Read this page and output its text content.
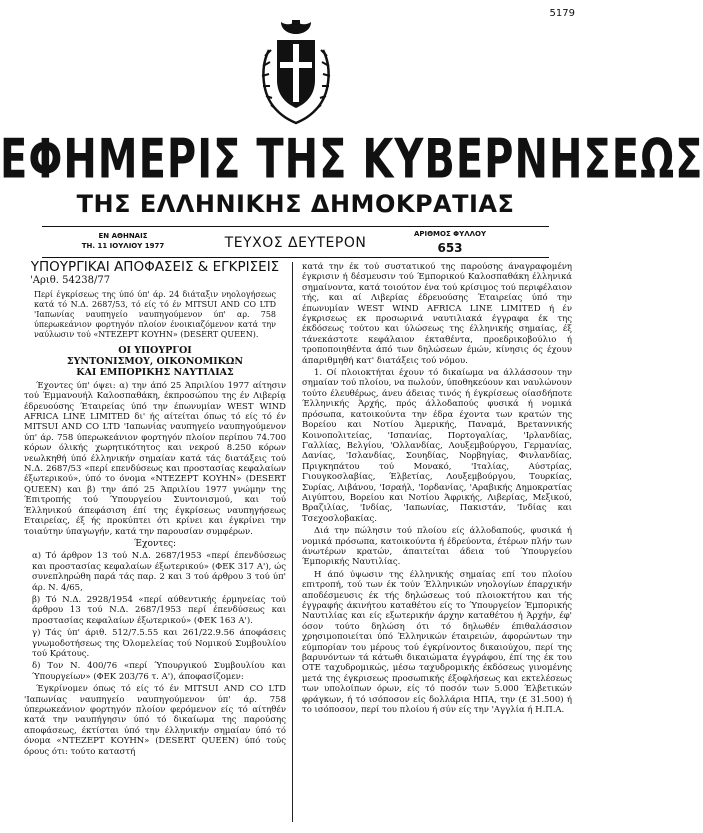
5179
ΕΦΗΜΕΡΙΣ ΤΗΣ ΚΥΒΕΡΝΗΣΕΩΣ
ΤΗΣ ΕΛΛΗΝΙΚΗΣ ΔΗΜΟΚΡΑΤΙΑΣ
ΕΝ ΑΘΗΝΑΙΣ
ΤΗ. 11 ΙΟΥΛΙΟΥ 1977	ΤΕΥΧΟΣ ΔΕΥΤΕΡΟΝ
ΑΡΙΘΜΟΣ ΦΥΛΛΟΥ
653
ΥΠΟΥΡΓΙΚΑΙ ΑΠΟΦΑΣΕΙΣ & ΕΓΚΡΙΣΕΙΣ
'Αριθ. 54238/77
Περί έγκρίσεως της ύπό ύπ' άρ. 24 διάταξιν νηολογήσεως κατά τό Ν.Δ. 2687/53, τό είς τό έν MITSUI AND CO LTD 'Ιαπωνίας ναυπηγείο ναυπηγούμενον ύπ' αρ. 758 ύπερωκεάνιον φορτηγόν πλοίον ένοικιαζόμενον κατά την ναύλωσιν τού «ΝΤΕΖΕΡΤ ΚΟΥΗΝ» (DESERT QUEEN).
ΟΙ ΥΠΟΥΡΓΟΙ
ΣΥΝΤΟΝΙΣΜΟΥ, ΟΙΚΟΝΟΜΙΚΩΝ
ΚΑΙ ΕΜΠΟΡΙΚΗΣ ΝΑΥΤΙΛΙΑΣ

Έχοντες ύπ' όψει: α) την άπό 25 Άπριλίου 1977 αίτησιν τού Έμμανουήλ Καλοσπαθάκη, έκπροσώπου της έν Λιβερίᾳ έδρευούσης Έταιρείας ύπό την έπωνυμίαν WEST WIND AFRICA LINE LIMITED δι' ής αίτείται όπως τό είς τό έν MITSUI AND CO LTD 'Ιαπωνίας ναυπηγείο ναυπηγούμενον ύπ' άρ. 758 ύπερωκεάνιον φορτηγόν πλοίον περίπου 74.700 κόρων όλικής χωρητικότητος και νεκρού 8.250 κόρων νεωλκηθή ύπό έλληνικήν σημαίαν κατά τάς διατάξεις τού Ν.Δ. 2687/53 «περί επενδύσεως και προστασίας κεφαλαίων έξωτερικού», ύπό το όνομα «ΝΤΕΖΕΡΤ ΚΟΥΗΝ» (DESERT QUEEN) και β) την άπό 25 Άπριλίου 1977 γνώμην της Έπιτροπής τού Ύπουργείου Συντονισμού, και τού Έλληνικού άπεφάσιση έπί της έγκρίσεως ναυπηγήσεως Εταιρείας, έξ ής προκύπτει ότι κρίνει και έγκρίνει την τοιαύτην ύπαγωγήν, κατά την παρουσίαν συμφέρων.

Έχοντες:

α) Τό άρθρον 13 τού Ν.Δ. 2687/1953 «περί έπενδύσεως και προστασίας κεφαλαίων έξωτερικού» (ΦΕΚ 317 Α'), ώς συνεπληρώθη παρά τάς παρ. 2 και 3 τού άρθρου 3 τού ύπ' άρ. Ν. 4/65,

β) Τό Ν.Δ. 2928/1954 «περί αύθεντικής έρμηνείας τού άρθρου 13 τού Ν.Δ. 2687/1953 περί έπενδύσεως και προστασίας κεφαλαίων έξωτερικού» (ΦΕΚ 163 Α').

γ) Τάς ύπ' άριθ. 512/7.5.55 και 261/22.9.56 άποφάσεις γνωμοδοτήσεως της Όλομελείας τού Νομικού Συμβουλίου τού Κράτους.

δ) Τον Ν. 400/76 «περί Ύπουργικού Συμβουλίου και Ύπουργείων» (ΦΕΚ 203/76 τ. Α'), άποφασίζομεν:

Έγκρίνομεν όπως τό είς τό έν MITSUI AND CO LTD 'Ιαπωνίας ναυπηγείο ναυπηγούμενον ύπ' άρ. 758 ύπερωκεάνιον φορτηγόν πλοίον φερόμενον είς τό αίτηθέν κατά την ναυπήγησιν ύπό τό δικαίωμα της παρούσης αποφάσεως, έκτίσται ύπό την έλληνικήν σημαίαν ύπό τό όνομα «ΝΤΕΖΕΡΤ ΚΟΥΗΝ» (DESERT QUEEN) ύπό τούς όρους ότι: τούτο καταστή

κατά την έκ τού συστατικού της παρούσης άναγραφομένη έγκρισιν ή δέσμευσιν τού Έμπορικού Καλοσπαθάκη έλληνικά σημαίνοντα, κατά τοιούτον ένα τού κρίσιμος τού περιφέλαιον τής, και αί Λιβερίας έδρευούσης Έταιρείας ύπό την έπωνυμίαν WEST WIND AFRICA LINE LIMITED ή έν έγκρισεως εκ προσωρινά ναυτιλιακά έγγραφα έκ της έκδόσεως τούτου και ύλώσεως της έλληνικής σημαίας, έξ τάνεκάστοτε κεφάλαιον έκταθέντα, προεδρικοβούλιο ή τροποποιηθέντα άπό των δηλώσεων έμών, κίνησις ός έχουν άπαριθμηθή κατ' διατάξεις τού νόμου.

1. Οί πλοιοκτήται έχουν τό δικαίωμα να άλλάσσουν την σημαίαν τού πλοίου, να πωλούν, ύποθηκεύουν και ναυλώνουν τούτο έλευθέρως, άνευ άδειας τινός ή έγκρίσεως οίασδήποτε Έλληνικής Άρχής, πρός άλλοδαπούς φυσικά ή νομικά πρόσωπα, κατοικούντα την έδρα έχοντα των κρατών της Βορείου και Νοτίου Άμερικής, Παναμά, Βρεταννικής Κοινοπολιτείας, 'Ισπανίας, Πορτογαλίας, 'Ιρλανδίας, Γαλλίας, Βελγίου, 'Ολλανδίας, Λουξεμβούργου, Γερμανίας, Δανίας, 'Ισλανδίας, Σουηδίας, Νορβηγίας, Φινλανδίας, Πριγκηπάτου τού Μονακό, 'Ιταλίας, Αύστρίας, Γιουγκοσλαβίας, Έλβετίας, Λουξεμβούργου, Τουρκίας, Συρίας, Λιβάνου, 'Ισραήλ, 'Ιορδανίας, 'Αραβικής Δημοκρατίας Αιγύπτου, Βορείου και Νοτίου Άφρικής, Λιβερίας, Μεξικού, Βραζιλίας, 'Ινδίας, 'Ιαπωνίας, Πακιστάν, 'Ινδίας και Τσεχοσλοβακίας.

Διά την πώλησιν τού πλοίου είς άλλοδαπούς, φυσικά ή νομικά πρόσωπα, κατοικούντα ή έδρεύοντα, έτέρων πλήν των άνωτέρων κρατών, άπαιτείται άδεια τού Ύπουργείου Έμπορικής Ναυτιλίας.

Η άπό ύψωσιν της έλληνικής σημαίας επί του πλοίου επιτροπή, τού των έκ τούν Έλληνικών νηολογίων έπαρχικήν αποδέσμευσις έκ τής δηλώσεως τού πλοιοκτήτου και τής έγγραφής άκινήτου καταθέτου είς το Ύπουργείον Έμπορικής Ναυτιλίας και είς εξωτερικήν άρχην καταθέτου ή Άρχήν, έφ' όσον τούτο δηλώση ότι τό δηλωθέν έπιθαλάσσιον χρησιμοποιείται ύπό Έλληνικών έταιρειών, άφορώντων την εύμπορίαν του μέρους τού έγκρίνοντος δικαιούχου, περί της βαρυνόντων τά κάτωθι δικαιώματα έγγράφου, έπί της έκ του ΟΤΕ ταχυδρομικώς, μέσω ταχυδρομικής έκδόσεως γινομένης μετά της έγκρισεως προσωπικής έξοφλήσεως και εκτελέσεως των υπολοίπων όρων, είς τό ποσόν των 5.000 Έλβετικών φράγκων, ή τό ισόποσον είς δολλάρια ΗΠΑ, την (£ 31.500) ή το ισόποσον, περί του πλοίου ή σύν είς την 'Αγγλία ή Η.Π.Α.
